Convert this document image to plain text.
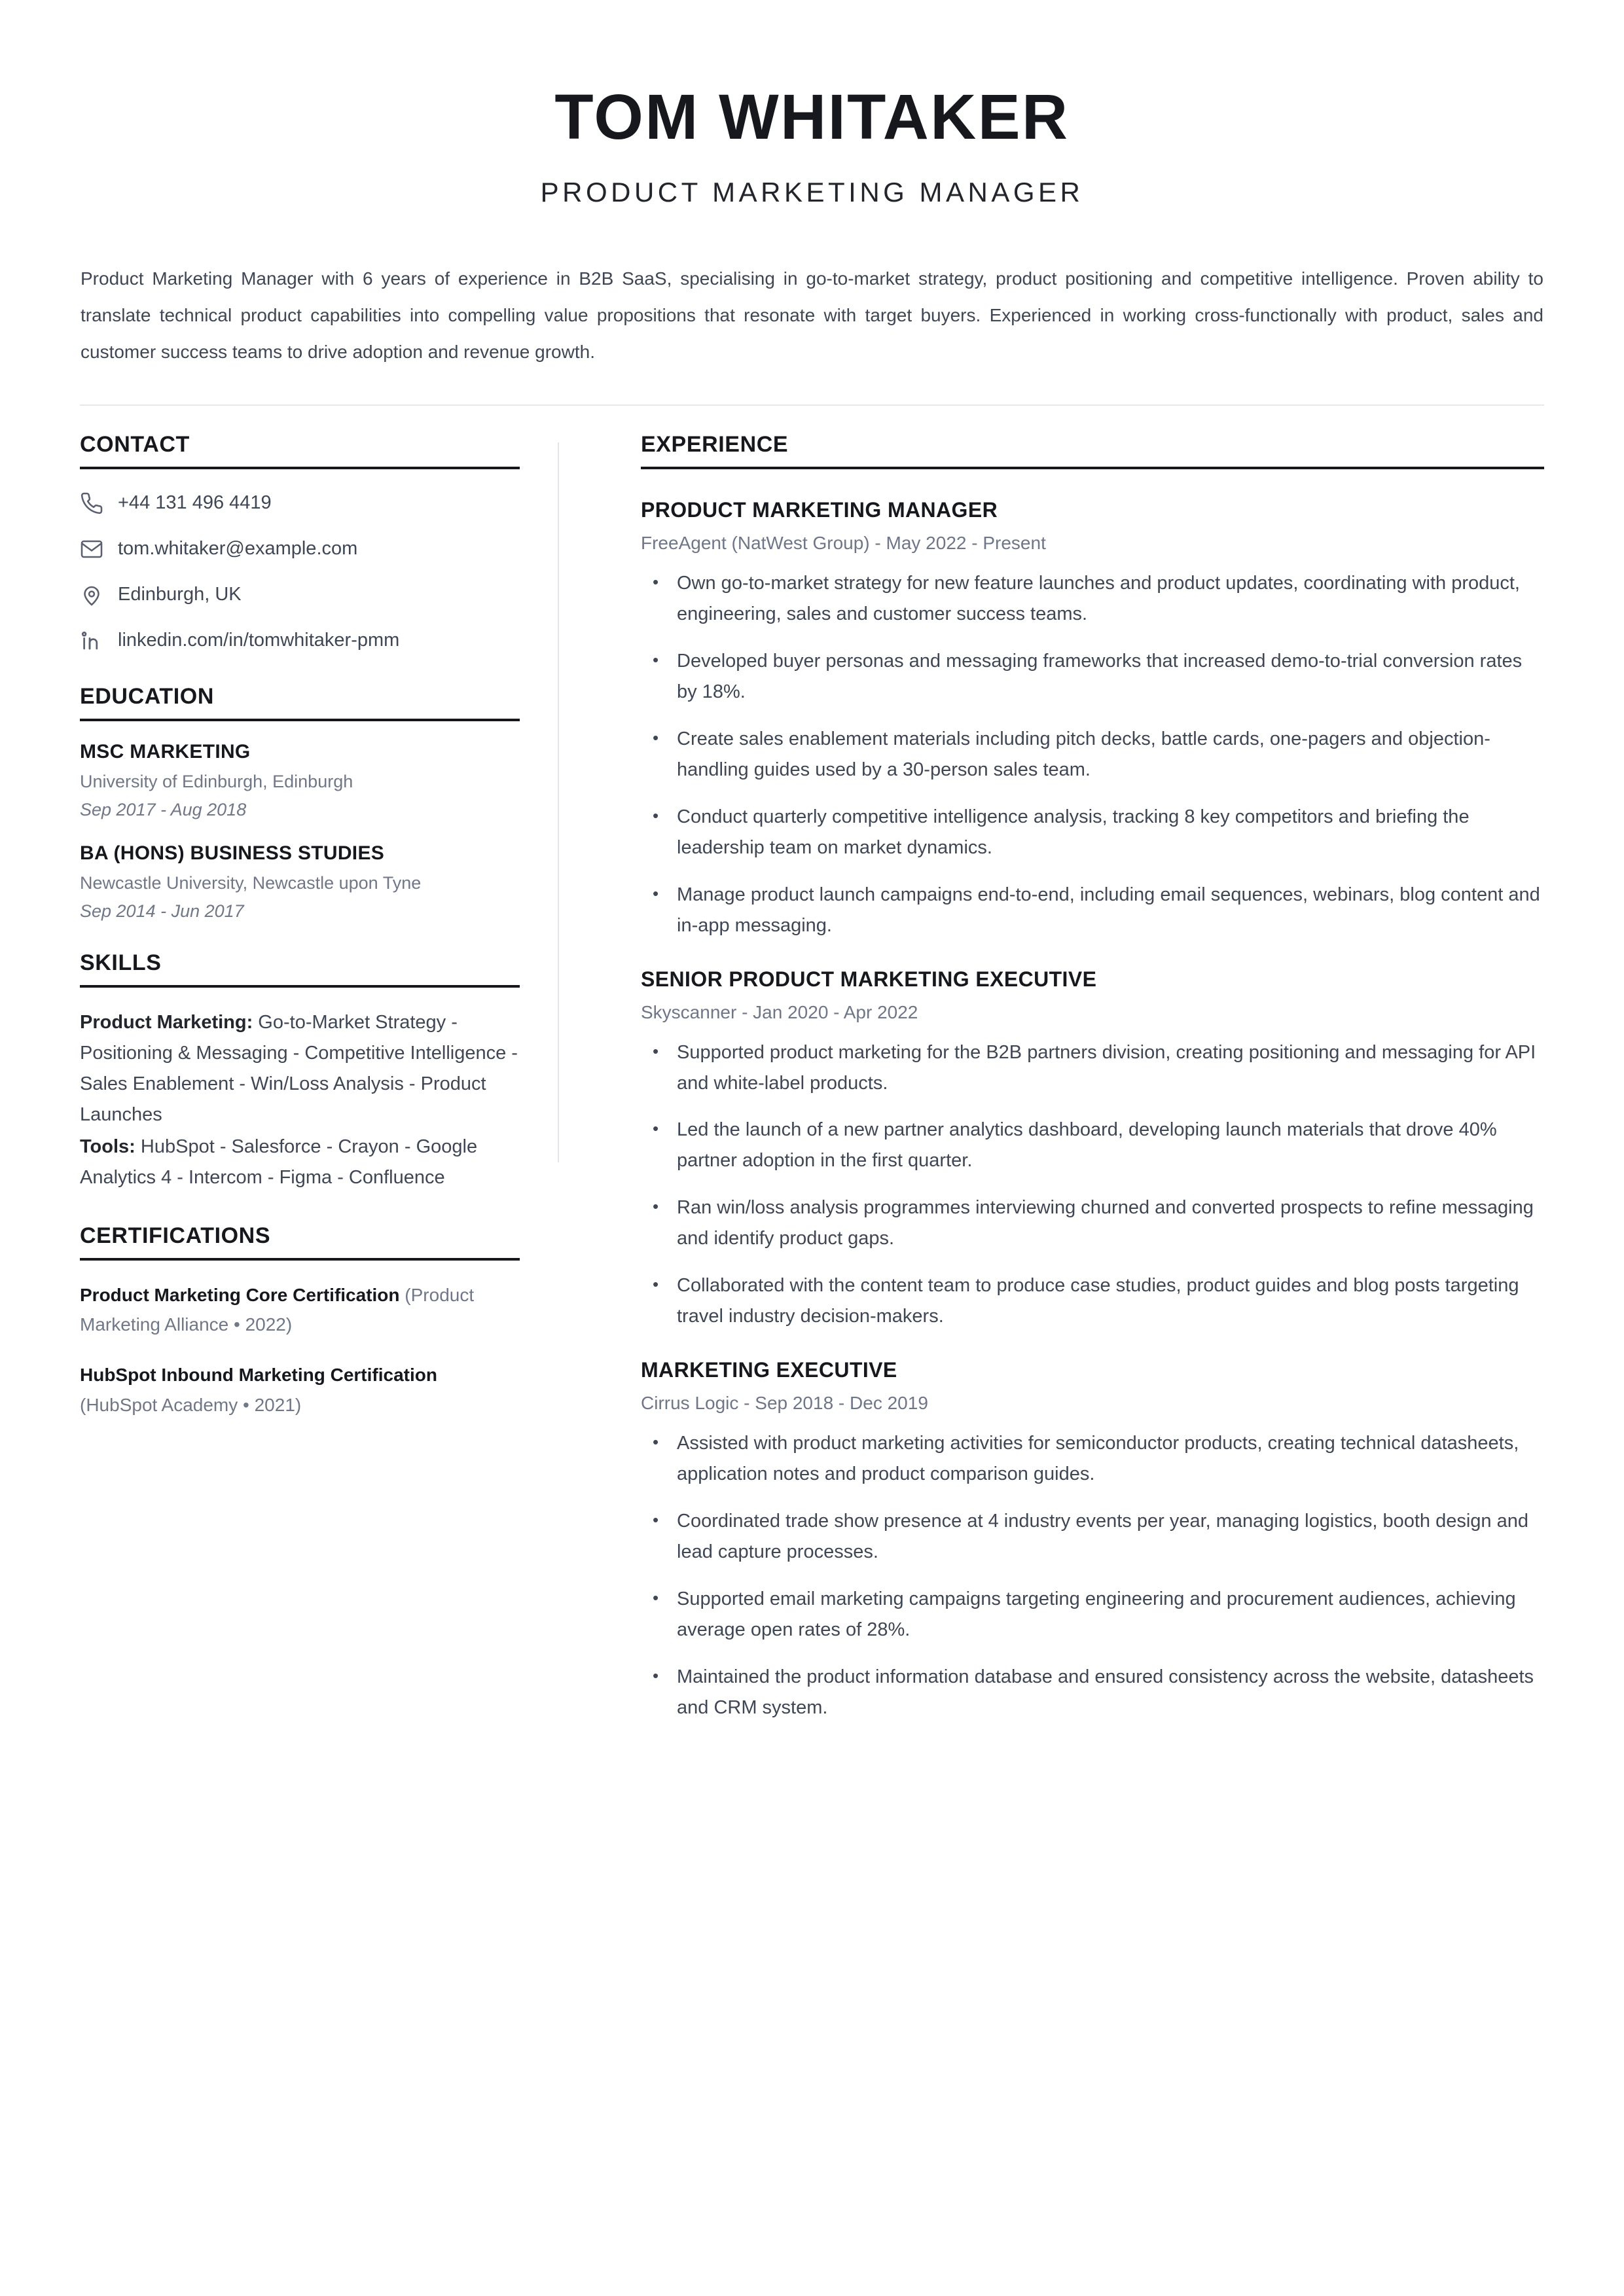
TOM WHITAKER
PRODUCT MARKETING MANAGER
Product Marketing Manager with 6 years of experience in B2B SaaS, specialising in go-to-market strategy, product positioning and competitive intelligence. Proven ability to translate technical product capabilities into compelling value propositions that resonate with target buyers. Experienced in working cross-functionally with product, sales and customer success teams to drive adoption and revenue growth.
CONTACT
+44 131 496 4419
tom.whitaker@example.com
Edinburgh, UK
linkedin.com/in/tomwhitaker-pmm
EDUCATION
MSC MARKETING
University of Edinburgh, Edinburgh
Sep 2017 - Aug 2018
BA (HONS) BUSINESS STUDIES
Newcastle University, Newcastle upon Tyne
Sep 2014 - Jun 2017
SKILLS
Product Marketing: Go-to-Market Strategy - Positioning & Messaging - Competitive Intelligence - Sales Enablement - Win/Loss Analysis - Product Launches
Tools: HubSpot - Salesforce - Crayon - Google Analytics 4 - Intercom - Figma - Confluence
CERTIFICATIONS
Product Marketing Core Certification (Product Marketing Alliance • 2022)
HubSpot Inbound Marketing Certification (HubSpot Academy • 2021)
EXPERIENCE
PRODUCT MARKETING MANAGER
FreeAgent (NatWest Group) - May 2022 - Present
• Own go-to-market strategy for new feature launches and product updates, coordinating with product, engineering, sales and customer success teams.
• Developed buyer personas and messaging frameworks that increased demo-to-trial conversion rates by 18%.
• Create sales enablement materials including pitch decks, battle cards, one-pagers and objection-handling guides used by a 30-person sales team.
• Conduct quarterly competitive intelligence analysis, tracking 8 key competitors and briefing the leadership team on market dynamics.
• Manage product launch campaigns end-to-end, including email sequences, webinars, blog content and in-app messaging.
SENIOR PRODUCT MARKETING EXECUTIVE
Skyscanner - Jan 2020 - Apr 2022
• Supported product marketing for the B2B partners division, creating positioning and messaging for API and white-label products.
• Led the launch of a new partner analytics dashboard, developing launch materials that drove 40% partner adoption in the first quarter.
• Ran win/loss analysis programmes interviewing churned and converted prospects to refine messaging and identify product gaps.
• Collaborated with the content team to produce case studies, product guides and blog posts targeting travel industry decision-makers.
MARKETING EXECUTIVE
Cirrus Logic - Sep 2018 - Dec 2019
• Assisted with product marketing activities for semiconductor products, creating technical datasheets, application notes and product comparison guides.
• Coordinated trade show presence at 4 industry events per year, managing logistics, booth design and lead capture processes.
• Supported email marketing campaigns targeting engineering and procurement audiences, achieving average open rates of 28%.
• Maintained the product information database and ensured consistency across the website, datasheets and CRM system.
